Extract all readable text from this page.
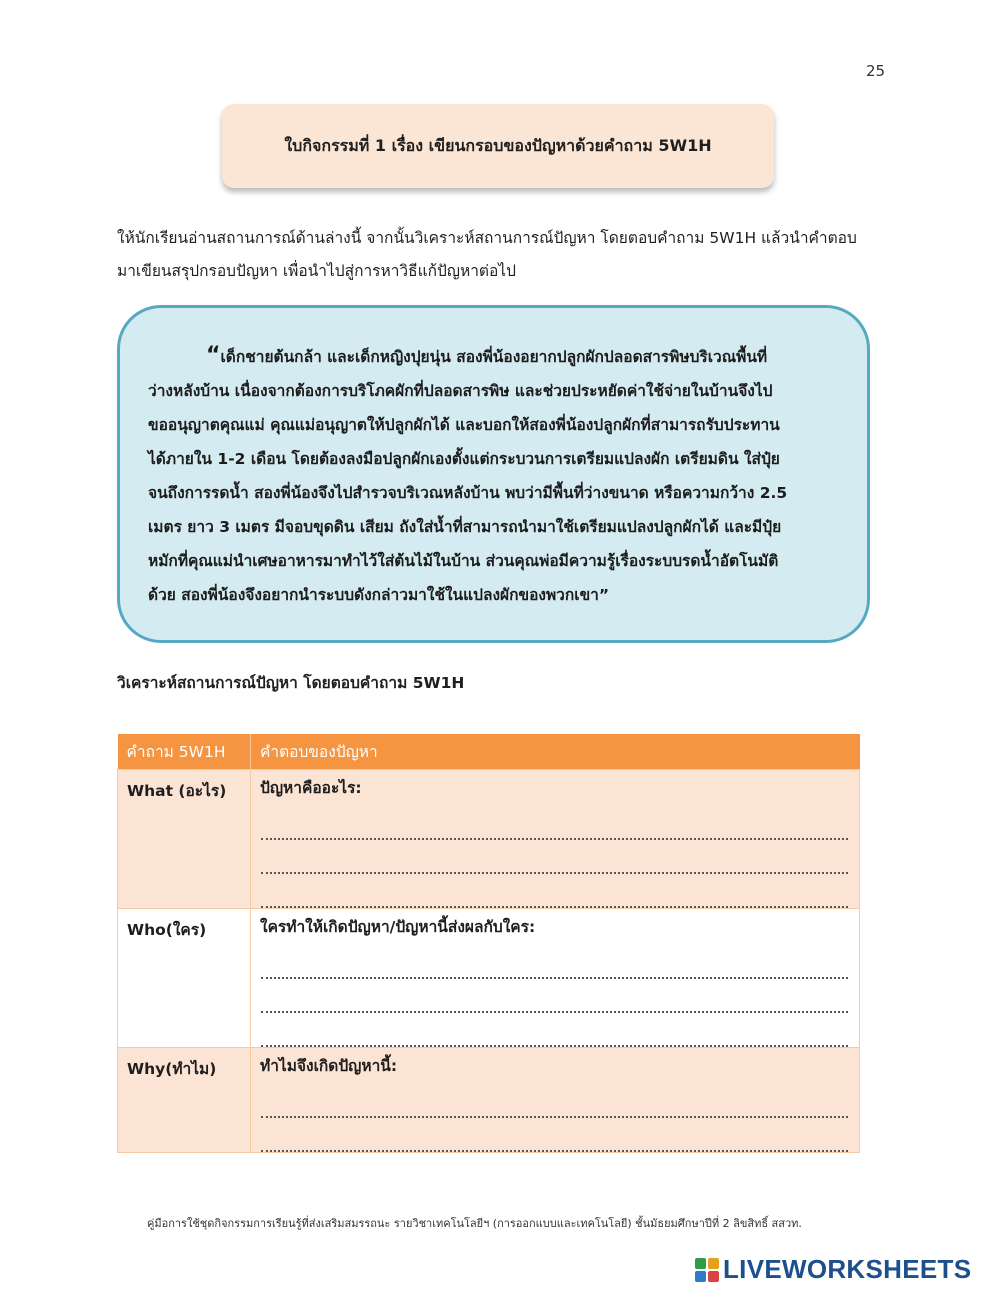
25
ใบกิจกรรมที่ 1 เรื่อง เขียนกรอบของปัญหาด้วยคำถาม 5W1H
ให้นักเรียนอ่านสถานการณ์ด้านล่างนี้ จากนั้นวิเคราะห์สถานการณ์ปัญหา โดยตอบคำถาม 5W1H แล้วนำคำตอบ
มาเขียนสรุปกรอบปัญหา เพื่อนำไปสู่การหาวิธีแก้ปัญหาต่อไป
“เด็กชายต้นกล้า และเด็กหญิงปุยนุ่น สองพี่น้องอยากปลูกผักปลอดสารพิษบริเวณพื้นที่
ว่างหลังบ้าน เนื่องจากต้องการบริโภคผักที่ปลอดสารพิษ และช่วยประหยัดค่าใช้จ่ายในบ้านจึงไป
ขออนุญาตคุณแม่ คุณแม่อนุญาตให้ปลูกผักได้ และบอกให้สองพี่น้องปลูกผักที่สามารถรับประทาน
ได้ภายใน 1-2 เดือน โดยต้องลงมือปลูกผักเองตั้งแต่กระบวนการเตรียมแปลงผัก เตรียมดิน ใส่ปุ๋ย
จนถึงการรดน้ำ สองพี่น้องจึงไปสำรวจบริเวณหลังบ้าน พบว่ามีพื้นที่ว่างขนาด หรือความกว้าง 2.5
เมตร ยาว 3 เมตร มีจอบขุดดิน เสียม ถังใส่น้ำที่สามารถนำมาใช้เตรียมแปลงปลูกผักได้ และมีปุ๋ย
หมักที่คุณแม่นำเศษอาหารมาทำไว้ใส่ต้นไม้ในบ้าน ส่วนคุณพ่อมีความรู้เรื่องระบบรดน้ำอัตโนมัติ
ด้วย สองพี่น้องจึงอยากนำระบบดังกล่าวมาใช้ในแปลงผักของพวกเขา”
วิเคราะห์สถานการณ์ปัญหา โดยตอบคำถาม 5W1H
คำถาม 5W1H	คำตอบของปัญหา
What (อะไร)	ปัญหาคืออะไร:

Who(ใคร)	ใครทำให้เกิดปัญหา/ปัญหานี้ส่งผลกับใคร:

Why(ทำไม)	ทำไมจึงเกิดปัญหานี้:
คู่มือการใช้ชุดกิจกรรมการเรียนรู้ที่ส่งเสริมสมรรถนะ รายวิชาเทคโนโลยีฯ (การออกแบบและเทคโนโลยี) ชั้นมัธยมศึกษาปีที่ 2 ลิขสิทธิ์ สสวท.
LIVEWORKSHEETS
